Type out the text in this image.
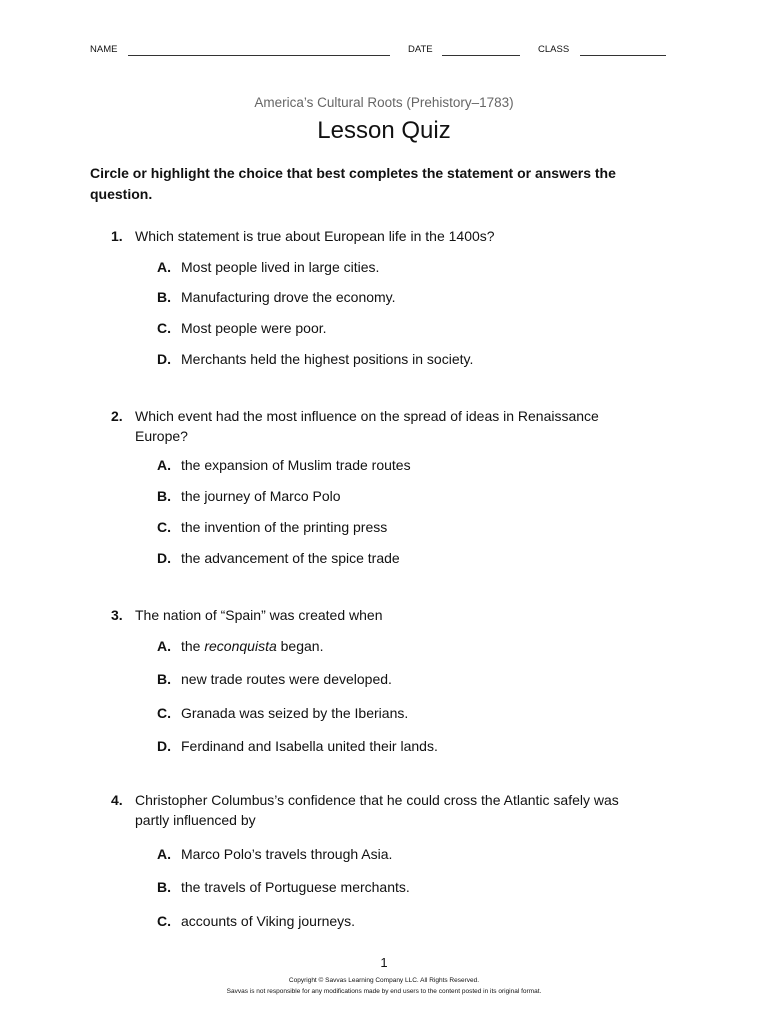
NAME	DATE	CLASS
America’s Cultural Roots (Prehistory–1783)
Lesson Quiz
Circle or highlight the choice that best completes the statement or answers the question.
1. Which statement is true about European life in the 1400s?
A. Most people lived in large cities.
B. Manufacturing drove the economy.
C. Most people were poor.
D. Merchants held the highest positions in society.
2. Which event had the most influence on the spread of ideas in Renaissance Europe?
A. the expansion of Muslim trade routes
B. the journey of Marco Polo
C. the invention of the printing press
D. the advancement of the spice trade
3. The nation of “Spain” was created when
A. the reconquista began.
B. new trade routes were developed.
C. Granada was seized by the Iberians.
D. Ferdinand and Isabella united their lands.
4. Christopher Columbus’s confidence that he could cross the Atlantic safely was partly influenced by
A. Marco Polo’s travels through Asia.
B. the travels of Portuguese merchants.
C. accounts of Viking journeys.
1
Copyright © Savvas Learning Company LLC. All Rights Reserved.
Savvas is not responsible for any modifications made by end users to the content posted in its original format.
